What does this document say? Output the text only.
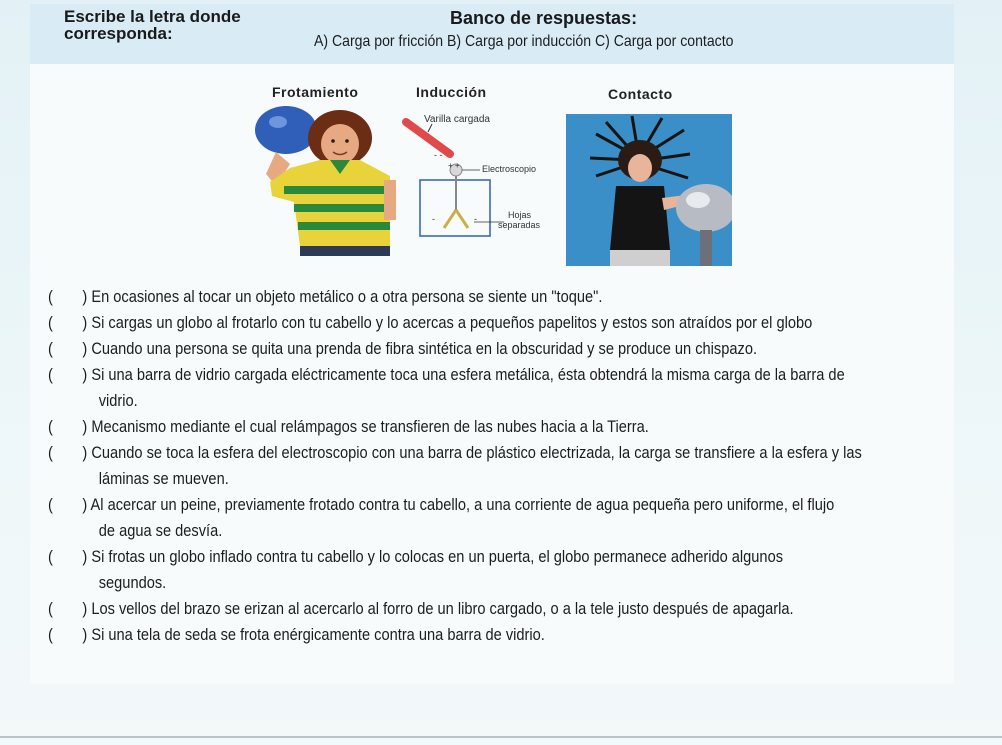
Escribe la letra donde
corresponda:
Banco de respuestas:
A) Carga por fricción B) Carga por inducción C) Carga por contacto
Frotamiento	Inducción	Contacto
Varilla cargada
- -
+ + Electroscopio
-	-	Hojas
separadas
(	) En ocasiones al tocar un objeto metálico o a otra persona se siente un "toque".
(	) Si cargas un globo al frotarlo con tu cabello y lo acercas a pequeños papelitos y estos son atraídos por el globo
(	) Cuando una persona se quita una prenda de fibra sintética en la obscuridad y se produce un chispazo.
(	) Si una barra de vidrio cargada eléctricamente toca una esfera metálica, ésta obtendrá la misma carga de la barra de
vidrio.
(	) Mecanismo mediante el cual relámpagos se transfieren de las nubes hacia a la Tierra.
(	) Cuando se toca la esfera del electroscopio con una barra de plástico electrizada, la carga se transfiere a la esfera y las
láminas se mueven.
(	) Al acercar un peine, previamente frotado contra tu cabello, a una corriente de agua pequeña pero uniforme, el flujo
de agua se desvía.
(	) Si frotas un globo inflado contra tu cabello y lo colocas en un puerta, el globo permanece adherido algunos
segundos.
(	) Los vellos del brazo se erizan al acercarlo al forro de un libro cargado, o a la tele justo después de apagarla.
(	) Si una tela de seda se frota enérgicamente contra una barra de vidrio.
